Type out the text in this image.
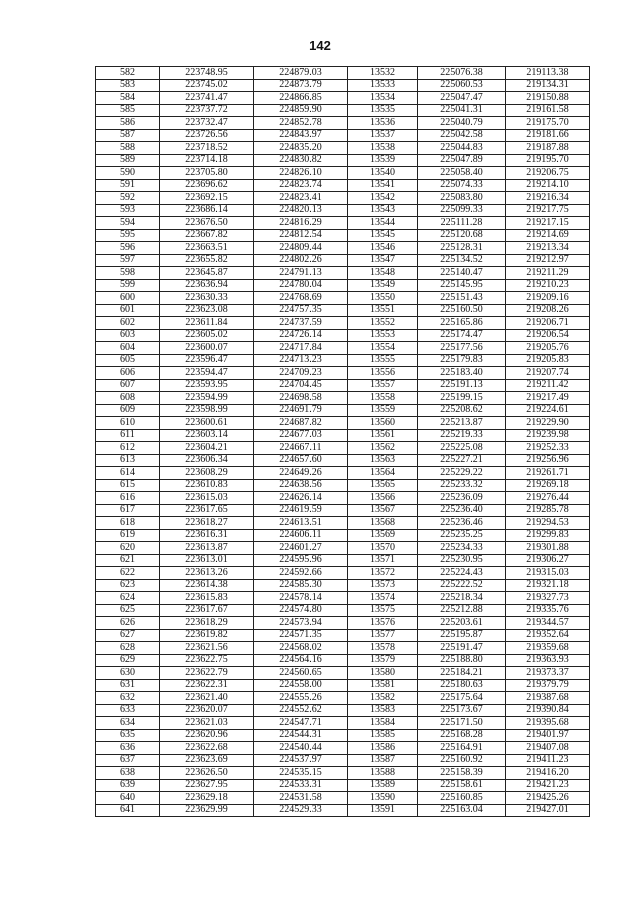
142
582	223748.95	224879.03	13532	225076.38	219113.38
583	223745.02	224873.79	13533	225060.53	219134.31
584	223741.47	224866.85	13534	225047.47	219150.88
585	223737.72	224859.90	13535	225041.31	219161.58
586	223732.47	224852.78	13536	225040.79	219175.70
587	223726.56	224843.97	13537	225042.58	219181.66
588	223718.52	224835.20	13538	225044.83	219187.88
589	223714.18	224830.82	13539	225047.89	219195.70
590	223705.80	224826.10	13540	225058.40	219206.75
591	223696.62	224823.74	13541	225074.33	219214.10
592	223692.15	224823.41	13542	225083.80	219216.34
593	223686.14	224820.13	13543	225099.33	219217.75
594	223676.50	224816.29	13544	225111.28	219217.15
595	223667.82	224812.54	13545	225120.68	219214.69
596	223663.51	224809.44	13546	225128.31	219213.34
597	223655.82	224802.26	13547	225134.52	219212.97
598	223645.87	224791.13	13548	225140.47	219211.29
599	223636.94	224780.04	13549	225145.95	219210.23
600	223630.33	224768.69	13550	225151.43	219209.16
601	223623.08	224757.35	13551	225160.50	219208.26
602	223611.84	224737.59	13552	225165.86	219206.71
603	223605.02	224726.14	13553	225174.47	219206.54
604	223600.07	224717.84	13554	225177.56	219205.76
605	223596.47	224713.23	13555	225179.83	219205.83
606	223594.47	224709.23	13556	225183.40	219207.74
607	223593.95	224704.45	13557	225191.13	219211.42
608	223594.99	224698.58	13558	225199.15	219217.49
609	223598.99	224691.79	13559	225208.62	219224.61
610	223600.61	224687.82	13560	225213.87	219229.90
611	223603.14	224677.03	13561	225219.33	219239.98
612	223604.21	224667.11	13562	225225.08	219252.33
613	223606.34	224657.60	13563	225227.21	219256.96
614	223608.29	224649.26	13564	225229.22	219261.71
615	223610.83	224638.56	13565	225233.32	219269.18
616	223615.03	224626.14	13566	225236.09	219276.44
617	223617.65	224619.59	13567	225236.40	219285.78
618	223618.27	224613.51	13568	225236.46	219294.53
619	223616.31	224606.11	13569	225235.25	219299.83
620	223613.87	224601.27	13570	225234.33	219301.88
621	223613.01	224595.96	13571	225230.95	219306.27
622	223613.26	224592.66	13572	225224.43	219315.03
623	223614.38	224585.30	13573	225222.52	219321.18
624	223615.83	224578.14	13574	225218.34	219327.73
625	223617.67	224574.80	13575	225212.88	219335.76
626	223618.29	224573.94	13576	225203.61	219344.57
627	223619.82	224571.35	13577	225195.87	219352.64
628	223621.56	224568.02	13578	225191.47	219359.68
629	223622.75	224564.16	13579	225188.80	219363.93
630	223622.79	224560.65	13580	225184.21	219373.37
631	223622.31	224558.00	13581	225180.63	219379.79
632	223621.40	224555.26	13582	225175.64	219387.68
633	223620.07	224552.62	13583	225173.67	219390.84
634	223621.03	224547.71	13584	225171.50	219395.68
635	223620.96	224544.31	13585	225168.28	219401.97
636	223622.68	224540.44	13586	225164.91	219407.08
637	223623.69	224537.97	13587	225160.92	219411.23
638	223626.50	224535.15	13588	225158.39	219416.20
639	223627.95	224533.31	13589	225158.61	219421.23
640	223629.18	224531.58	13590	225160.85	219425.26
641	223629.99	224529.33	13591	225163.04	219427.01
